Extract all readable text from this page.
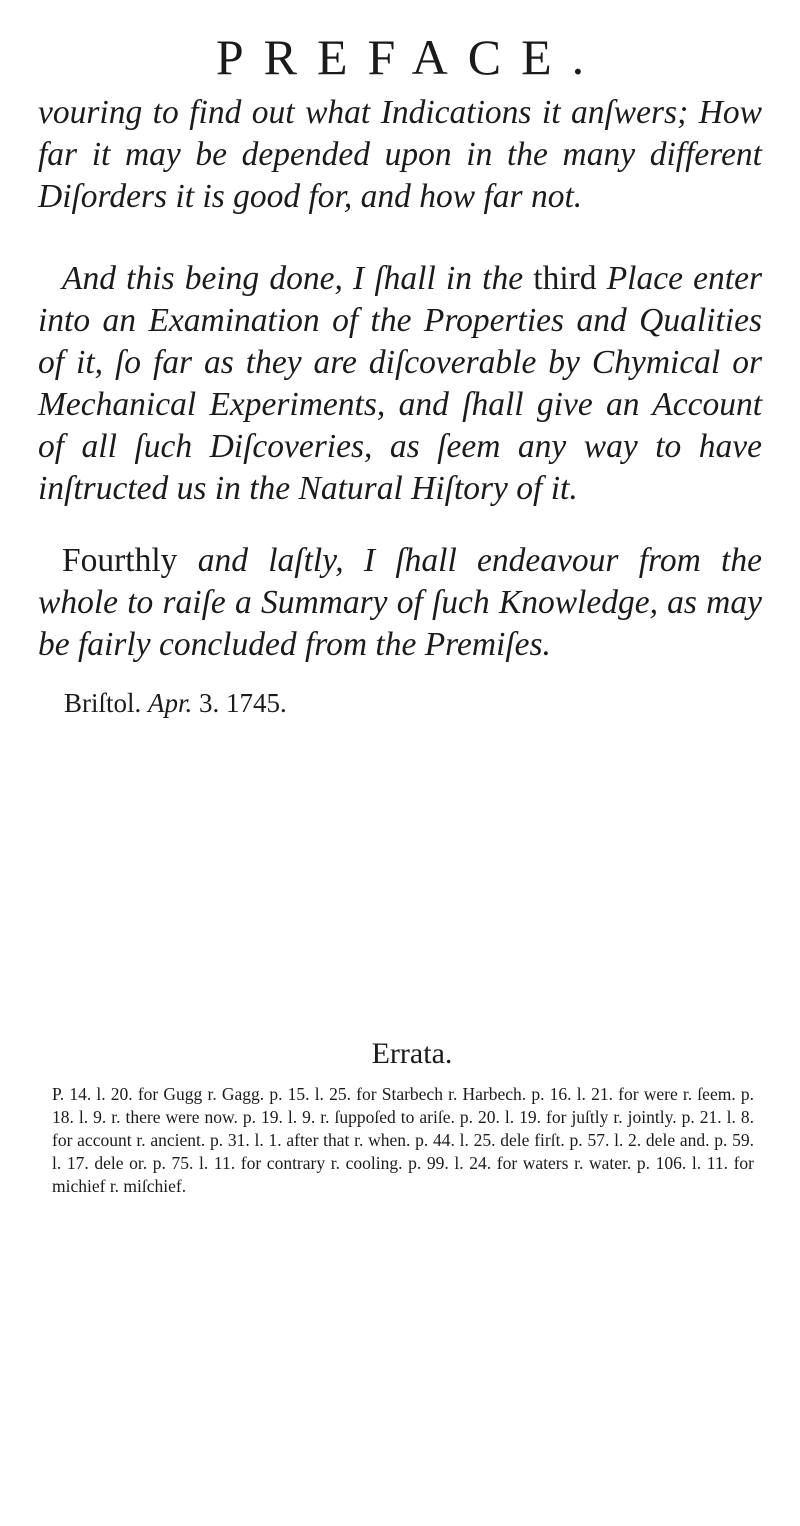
PREFACE.

vouring to find out what Indications it anſwers; How far it may be depended upon in the many different Diſorders it is good for, and how far not.

And this being done, I ſhall in the third Place enter into an Examination of the Properties and Qualities of it, ſo far as they are diſcoverable by Chymical or Mechanical Experiments, and ſhall give an Account of all ſuch Diſcoveries, as ſeem any way to have inſtructed us in the Natural Hiſtory of it.

Fourthly and laſtly, I ſhall endeavour from the whole to raiſe a Summary of ſuch Knowledge, as may be fairly concluded from the Premiſes.

Briſtol. Apr. 3. 1745.
Errata.
P. 14. l. 20. for Gugg r. Gagg. p. 15. l. 25. for Starbech r. Harbech. p. 16. l. 21. for were r. ſeem. p. 18. l. 9. r. there were now. p. 19. l. 9. r. ſuppoſed to ariſe. p. 20. l. 19. for juſtly r. jointly. p. 21. l. 8. for account r. ancient. p. 31. l. 1. after that r. when. p. 44. l. 25. dele firſt. p. 57. l. 2. dele and. p. 59. l. 17. dele or. p. 75. l. 11. for contrary r. cooling. p. 99. l. 24. for waters r. water. p. 106. l. 11. for michief r. miſchief.
